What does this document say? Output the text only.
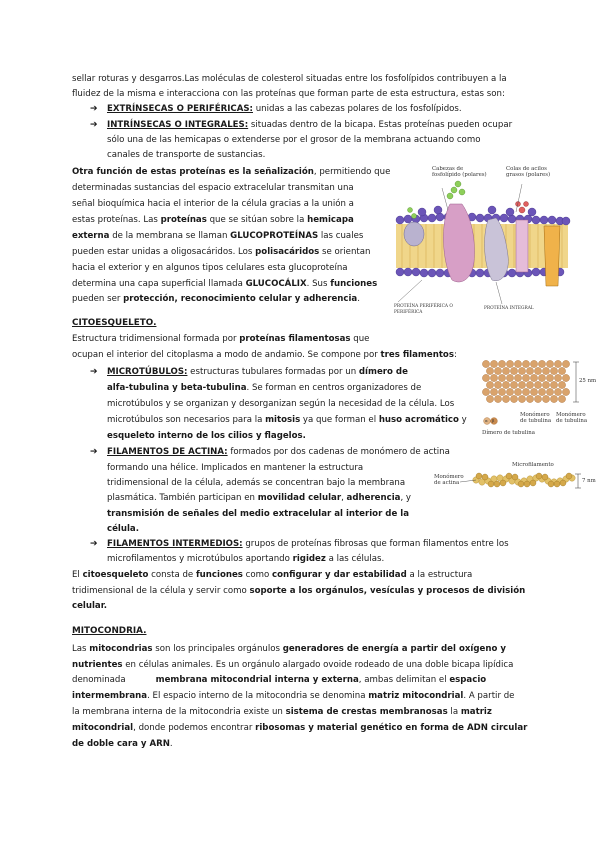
sellar roturas y desgarros.Las moléculas de colesterol situadas entre los fosfolípidos contribuyen a la
fluidez de la misma e interacciona con las proteínas que forman parte de esta estructura, estas son:
➔ EXTRÍNSECAS O PERIFÉRICAS: unidas a las cabezas polares de los fosfolípidos.
➔ INTRÍNSECAS O INTEGRALES: situadas dentro de la bicapa. Estas proteínas pueden ocupar
sólo una de las hemicapas o extenderse por el grosor de la membrana actuando como
canales de transporte de sustancias.
Otra función de estas proteínas es la señalización, permitiendo que
determinadas sustancias del espacio extracelular transmitan una
señal bioquímica hacia el interior de la célula gracias a la unión a
estas proteínas. Las proteínas que se sitúan sobre la hemicapa
externa de la membrana se llaman GLUCOPROTEÍNAS las cuales
pueden estar unidas a oligosacáridos. Los polisacáridos se orientan
hacia el exterior y en algunos tipos celulares esta glucoproteína
determina una capa superficial llamada GLUCOCÁLIX. Sus funciones
pueden ser protección, reconocimiento celular y adherencia.
Cabezas de
fosfolípido (polares)
Colas de acilos
grasos (polares)
PROTEÍNA PERIFÉRICA O
PERIFÉRICA
PROTEÍNA INTEGRAL
CITOESQUELETO.
Estructura tridimensional formada por proteínas filamentosas que
ocupan el interior del citoplasma a modo de andamio. Se compone por tres filamentos:
➔ MICROTÚBULOS: estructuras tubulares formadas por un dímero de
alfa-tubulina y beta-tubulina. Se forman en centros organizadores de
microtúbulos y se organizan y desorganizan según la necesidad de la célula. Los
microtúbulos son necesarios para la mitosis ya que forman el huso acromático y
esqueleto interno de los cilios y flagelos.
25 nm
Monómero
de tubulina
Monómero
de tubulina
Dímero de tubulina
α β
➔ FILAMENTOS DE ACTINA: formados por dos cadenas de monómero de actina
formando una hélice. Implicados en mantener la estructura
tridimensional de la célula, además se concentran bajo la membrana
plasmática. También participan en movilidad celular, adherencia, y
transmisión de señales del medio extracelular al interior de la
célula.
Microfilamento
Monómero
de actina	7 nm
➔ FILAMENTOS INTERMEDIOS: grupos de proteínas fibrosas que forman filamentos entre los
microfilamentos y microtúbulos aportando rigidez a las células.
El citoesqueleto consta de funciones como configurar y dar estabilidad a la estructura
tridimensional de la célula y servir como soporte a los orgánulos, vesículas y procesos de división
celular.
MITOCONDRIA.
Las mitocondrias son los principales orgánulos generadores de energía a partir del oxígeno y
nutrientes en células animales. Es un orgánulo alargado ovoide rodeado de una doble bicapa lipídica
denominada	membrana mitocondrial interna y externa, ambas delimitan el espacio
intermembrana. El espacio interno de la mitocondria se denomina matriz mitocondrial. A partir de
la membrana interna de la mitocondria existe un sistema de crestas membranosas la matriz
mitocondrial, donde podemos encontrar ribosomas y material genético en forma de ADN circular
de doble cara y ARN.
